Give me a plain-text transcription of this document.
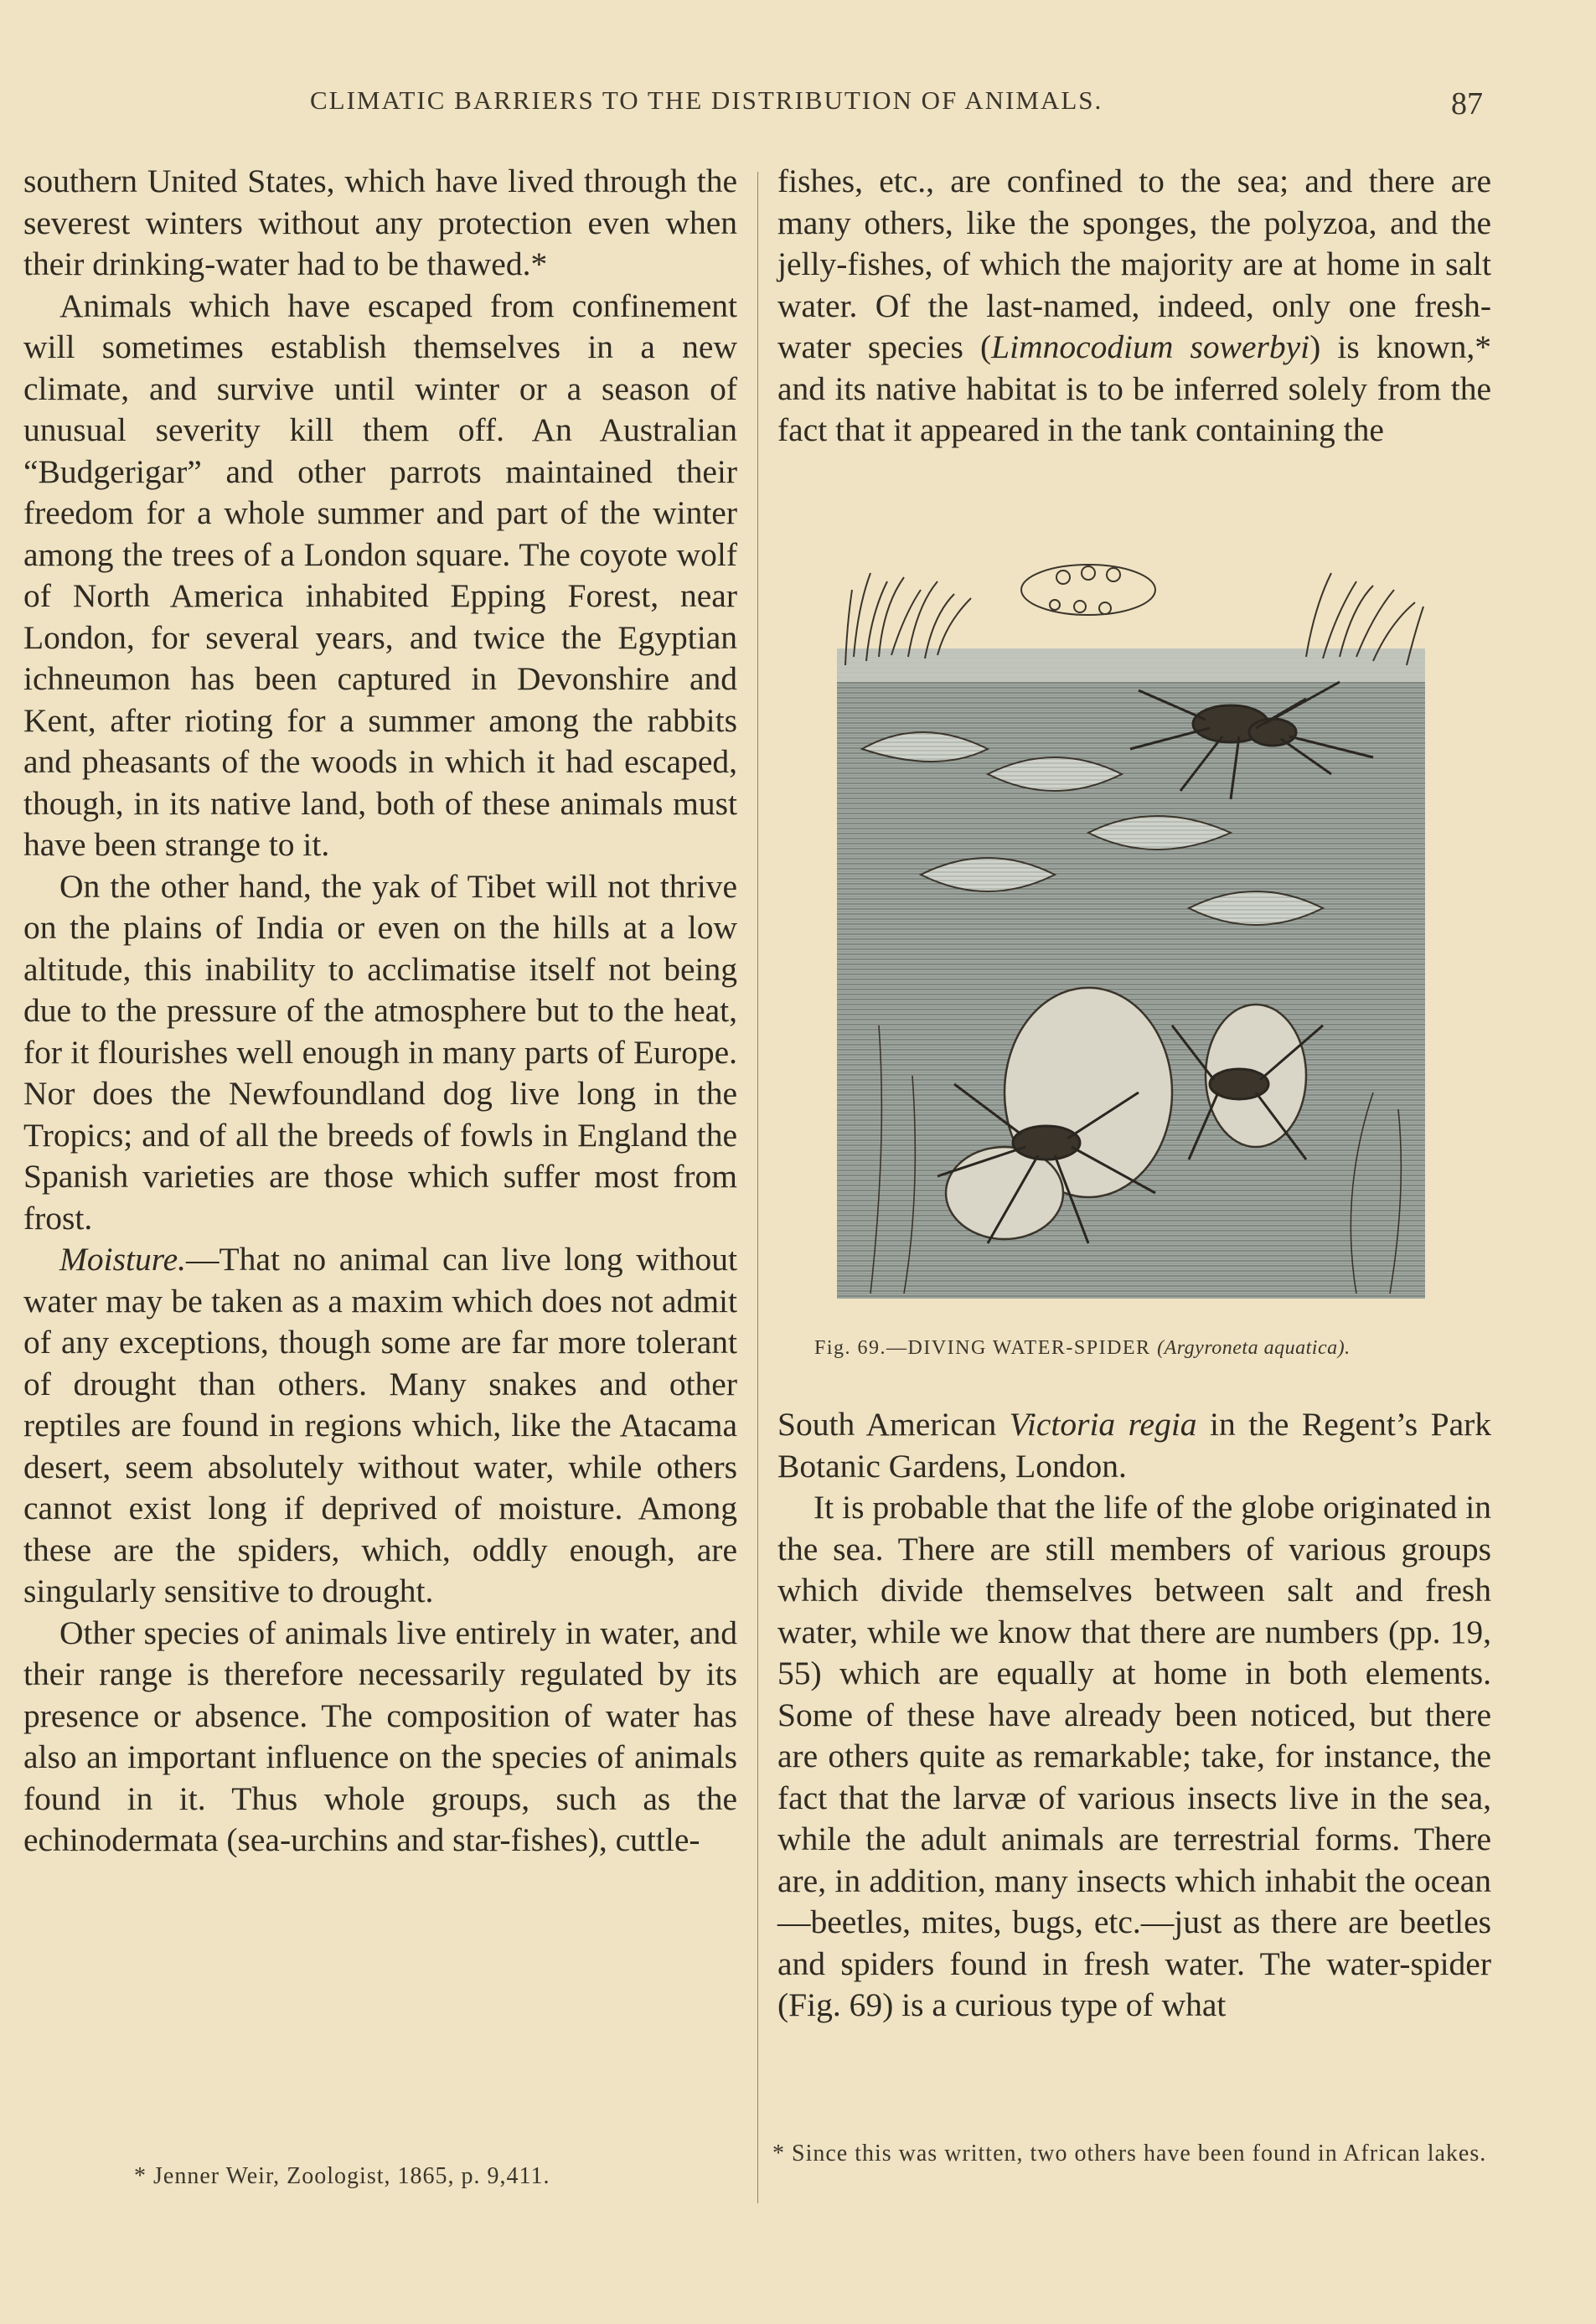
CLIMATIC BARRIERS TO THE DISTRIBUTION OF ANIMALS.	87

southern United States, which have lived through the severest winters without any protection even when their drinking-water had to be thawed.*

Animals which have escaped from confinement will sometimes establish themselves in a new climate, and survive until winter or a season of unusual severity kill them off. An Australian “Budgerigar” and other parrots maintained their freedom for a whole summer and part of the winter among the trees of a London square. The coyote wolf of North America inhabited Epping Forest, near London, for several years, and twice the Egyptian ichneumon has been captured in Devonshire and Kent, after rioting for a summer among the rabbits and pheasants of the woods in which it had escaped, though, in its native land, both of these animals must have been strange to it.

On the other hand, the yak of Tibet will not thrive on the plains of India or even on the hills at a low altitude, this inability to acclimatise itself not being due to the pressure of the atmosphere but to the heat, for it flourishes well enough in many parts of Europe. Nor does the Newfoundland dog live long in the Tropics; and of all the breeds of fowls in England the Spanish varieties are those which suffer most from frost.

Moisture.—That no animal can live long without water may be taken as a maxim which does not admit of any exceptions, though some are far more tolerant of drought than others. Many snakes and other reptiles are found in regions which, like the Atacama desert, seem absolutely without water, while others cannot exist long if deprived of moisture. Among these are the spiders, which, oddly enough, are singularly sensitive to drought.

Other species of animals live entirely in water, and their range is therefore necessarily regulated by its presence or absence. The composition of water has also an important influence on the species of animals found in it. Thus whole groups, such as the echinodermata (sea-urchins and star-fishes), cuttle-

fishes, etc., are confined to the sea; and there are many others, like the sponges, the polyzoa, and the jelly-fishes, of which the majority are at home in salt water. Of the last-named, indeed, only one fresh-water species (Limnocodium sowerbyi) is known,* and its native habitat is to be inferred solely from the fact that it appeared in the tank containing the

Fig. 69.—DIVING WATER-SPIDER (Argyroneta aquatica).

South American Victoria regia in the Regent’s Park Botanic Gardens, London.

It is probable that the life of the globe originated in the sea. There are still members of various groups which divide themselves between salt and fresh water, while we know that there are numbers (pp. 19, 55) which are equally at home in both elements. Some of these have already been noticed, but there are others quite as remarkable; take, for instance, the fact that the larvæ of various insects live in the sea, while the adult animals are terrestrial forms. There are, in addition, many insects which inhabit the ocean—beetles, mites, bugs, etc.—just as there are beetles and spiders found in fresh water. The water-spider (Fig. 69) is a curious type of what

* Jenner Weir, Zoologist, 1865, p. 9,411.
* Since this was written, two others have been found in African lakes.
